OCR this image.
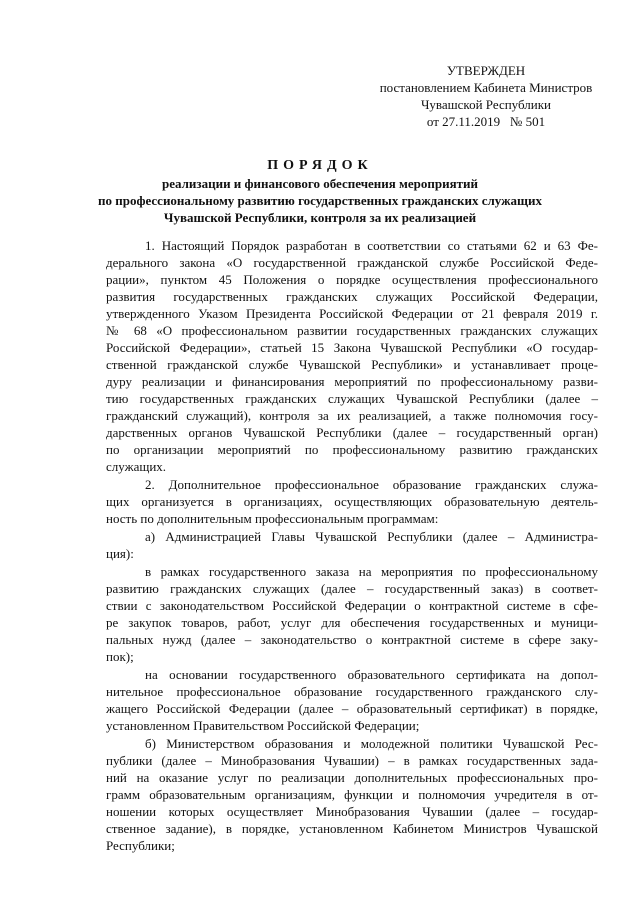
УТВЕРЖДЕН
постановлением Кабинета Министров
Чувашской Республики
от 27.11.2019   № 501
ПОРЯДОК
реализации и финансового обеспечения мероприятий
по профессиональному развитию государственных гражданских служащих
Чувашской Республики, контроля за их реализацией

1. Настоящий Порядок разработан в соответствии со статьями 62 и 63 Фе-
дерального закона «О государственной гражданской службе Российской Феде-
рации», пунктом 45 Положения о порядке осуществления профессионального
развития государственных гражданских служащих Российской Федерации,
утвержденного Указом Президента Российской Федерации от 21 февраля 2019 г.
№ 68 «О профессиональном развитии государственных гражданских служащих
Российской Федерации», статьей 15 Закона Чувашской Республики «О государ-
ственной гражданской службе Чувашской Республики» и устанавливает проце-
дуру реализации и финансирования мероприятий по профессиональному разви-
тию государственных гражданских служащих Чувашской Республики (далее –
гражданский служащий), контроля за их реализацией, а также полномочия госу-
дарственных органов Чувашской Республики (далее – государственный орган)
по организации мероприятий по профессиональному развитию гражданских
служащих.

2. Дополнительное профессиональное образование гражданских служа-
щих организуется в организациях, осуществляющих образовательную деятель-
ность по дополнительным профессиональным программам:

а) Администрацией Главы Чувашской Республики (далее – Администра-
ция):

в рамках государственного заказа на мероприятия по профессиональному
развитию гражданских служащих (далее – государственный заказ) в соответ-
ствии с законодательством Российской Федерации о контрактной системе в сфе-
ре закупок товаров, работ, услуг для обеспечения государственных и муници-
пальных нужд (далее – законодательство о контрактной системе в сфере заку-
пок);

на основании государственного образовательного сертификата на допол-
нительное профессиональное образование государственного гражданского слу-
жащего Российской Федерации (далее – образовательный сертификат) в порядке,
установленном Правительством Российской Федерации;

б) Министерством образования и молодежной политики Чувашской Рес-
публики (далее – Минобразования Чувашии) – в рамках государственных зада-
ний на оказание услуг по реализации дополнительных профессиональных про-
грамм образовательным организациям, функции и полномочия учредителя в от-
ношении которых осуществляет Минобразования Чувашии (далее – государ-
ственное задание), в порядке, установленном Кабинетом Министров Чувашской
Республики;
